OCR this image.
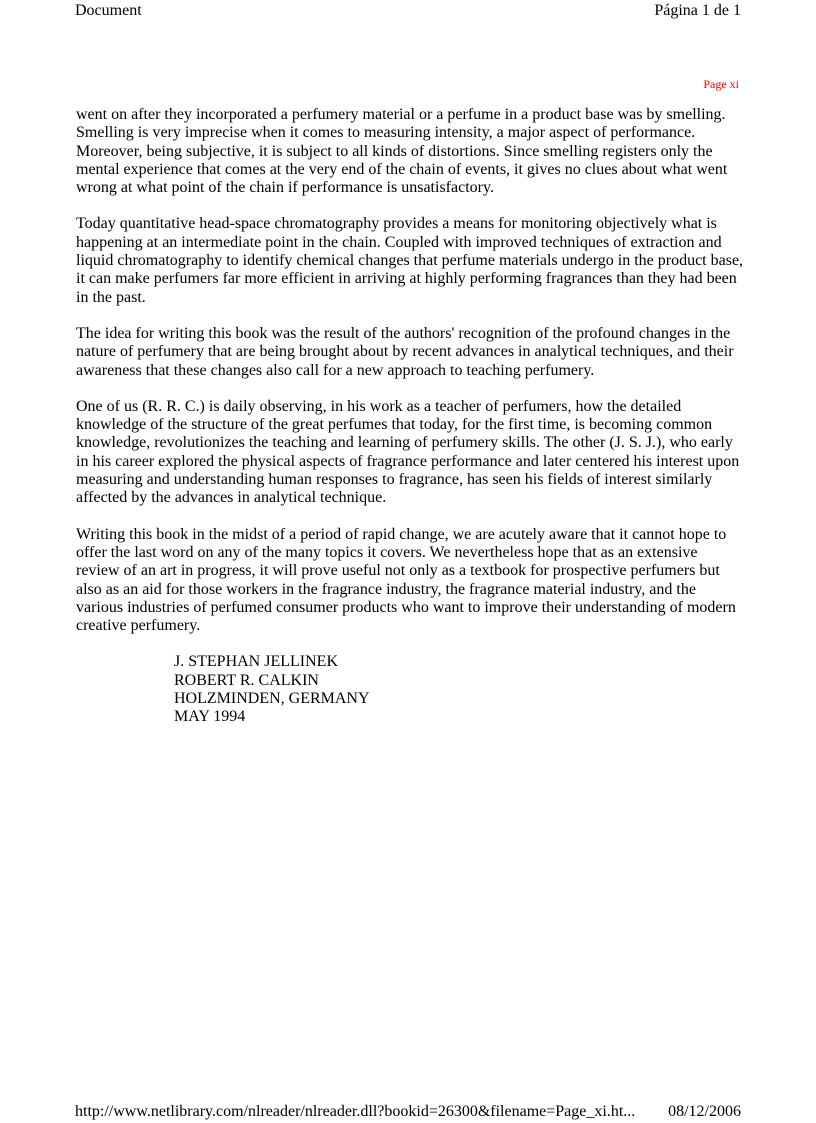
Document	Página 1 de 1
Page xi

went on after they incorporated a perfumery material or a perfume in a product base was by smelling. Smelling is very imprecise when it comes to measuring intensity, a major aspect of performance. Moreover, being subjective, it is subject to all kinds of distortions. Since smelling registers only the mental experience that comes at the very end of the chain of events, it gives no clues about what went wrong at what point of the chain if performance is unsatisfactory.

Today quantitative head-space chromatography provides a means for monitoring objectively what is happening at an intermediate point in the chain. Coupled with improved techniques of extraction and liquid chromatography to identify chemical changes that perfume materials undergo in the product base, it can make perfumers far more efficient in arriving at highly performing fragrances than they had been in the past.

The idea for writing this book was the result of the authors' recognition of the profound changes in the nature of perfumery that are being brought about by recent advances in analytical techniques, and their awareness that these changes also call for a new approach to teaching perfumery.

One of us (R. R. C.) is daily observing, in his work as a teacher of perfumers, how the detailed knowledge of the structure of the great perfumes that today, for the first time, is becoming common knowledge, revolutionizes the teaching and learning of perfumery skills. The other (J. S. J.), who early in his career explored the physical aspects of fragrance performance and later centered his interest upon measuring and understanding human responses to fragrance, has seen his fields of interest similarly affected by the advances in analytical technique.

Writing this book in the midst of a period of rapid change, we are acutely aware that it cannot hope to offer the last word on any of the many topics it covers. We nevertheless hope that as an extensive review of an art in progress, it will prove useful not only as a textbook for prospective perfumers but also as an aid for those workers in the fragrance industry, the fragrance material industry, and the various industries of perfumed consumer products who want to improve their understanding of modern creative perfumery.

J. STEPHAN JELLINEK
ROBERT R. CALKIN
HOLZMINDEN, GERMANY
MAY 1994
http://www.netlibrary.com/nlreader/nlreader.dll?bookid=26300&filename=Page_xi.ht... 08/12/2006
